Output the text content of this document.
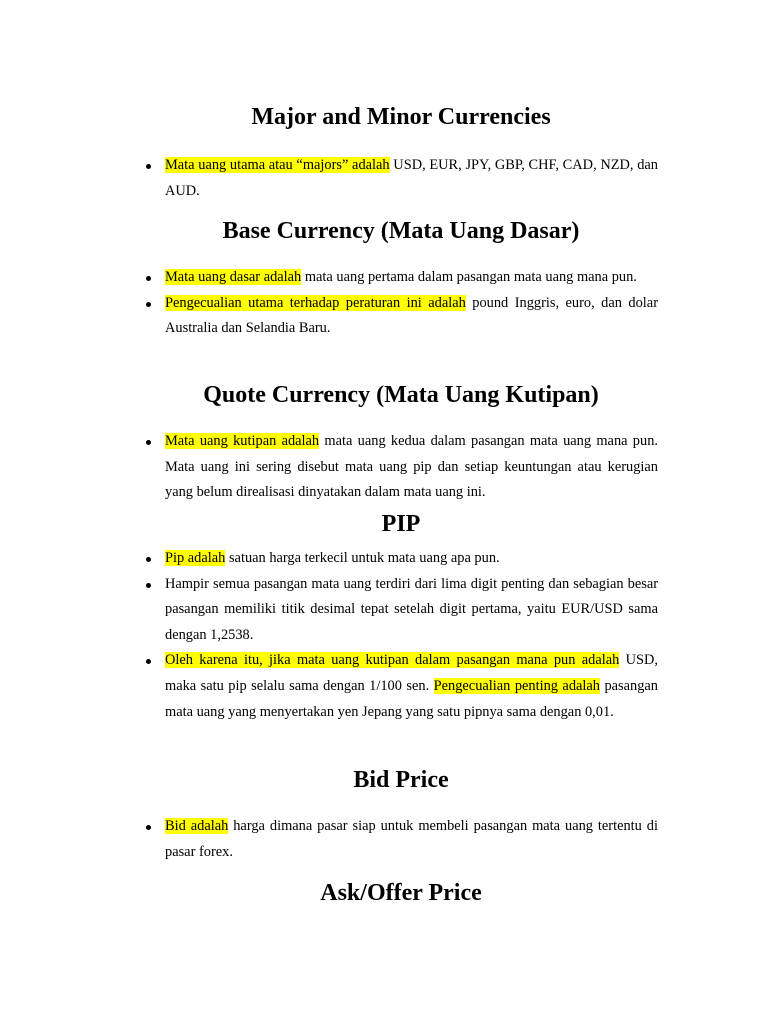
Major and Minor Currencies
Mata uang utama atau “majors” adalah USD, EUR, JPY, GBP, CHF, CAD, NZD, dan AUD.
Base Currency (Mata Uang Dasar)
Mata uang dasar adalah mata uang pertama dalam pasangan mata uang mana pun.
Pengecualian utama terhadap peraturan ini adalah pound Inggris, euro, dan dolar Australia dan Selandia Baru.
Quote Currency (Mata Uang Kutipan)
Mata uang kutipan adalah mata uang kedua dalam pasangan mata uang mana pun. Mata uang ini sering disebut mata uang pip dan setiap keuntungan atau kerugian yang belum direalisasi dinyatakan dalam mata uang ini.
PIP
Pip adalah satuan harga terkecil untuk mata uang apa pun.
Hampir semua pasangan mata uang terdiri dari lima digit penting dan sebagian besar pasangan memiliki titik desimal tepat setelah digit pertama, yaitu EUR/USD sama dengan 1,2538.
Oleh karena itu, jika mata uang kutipan dalam pasangan mana pun adalah USD, maka satu pip selalu sama dengan 1/100 sen. Pengecualian penting adalah pasangan mata uang yang menyertakan yen Jepang yang satu pipnya sama dengan 0,01.
Bid Price
Bid adalah harga dimana pasar siap untuk membeli pasangan mata uang tertentu di pasar forex.
Ask/Offer Price
